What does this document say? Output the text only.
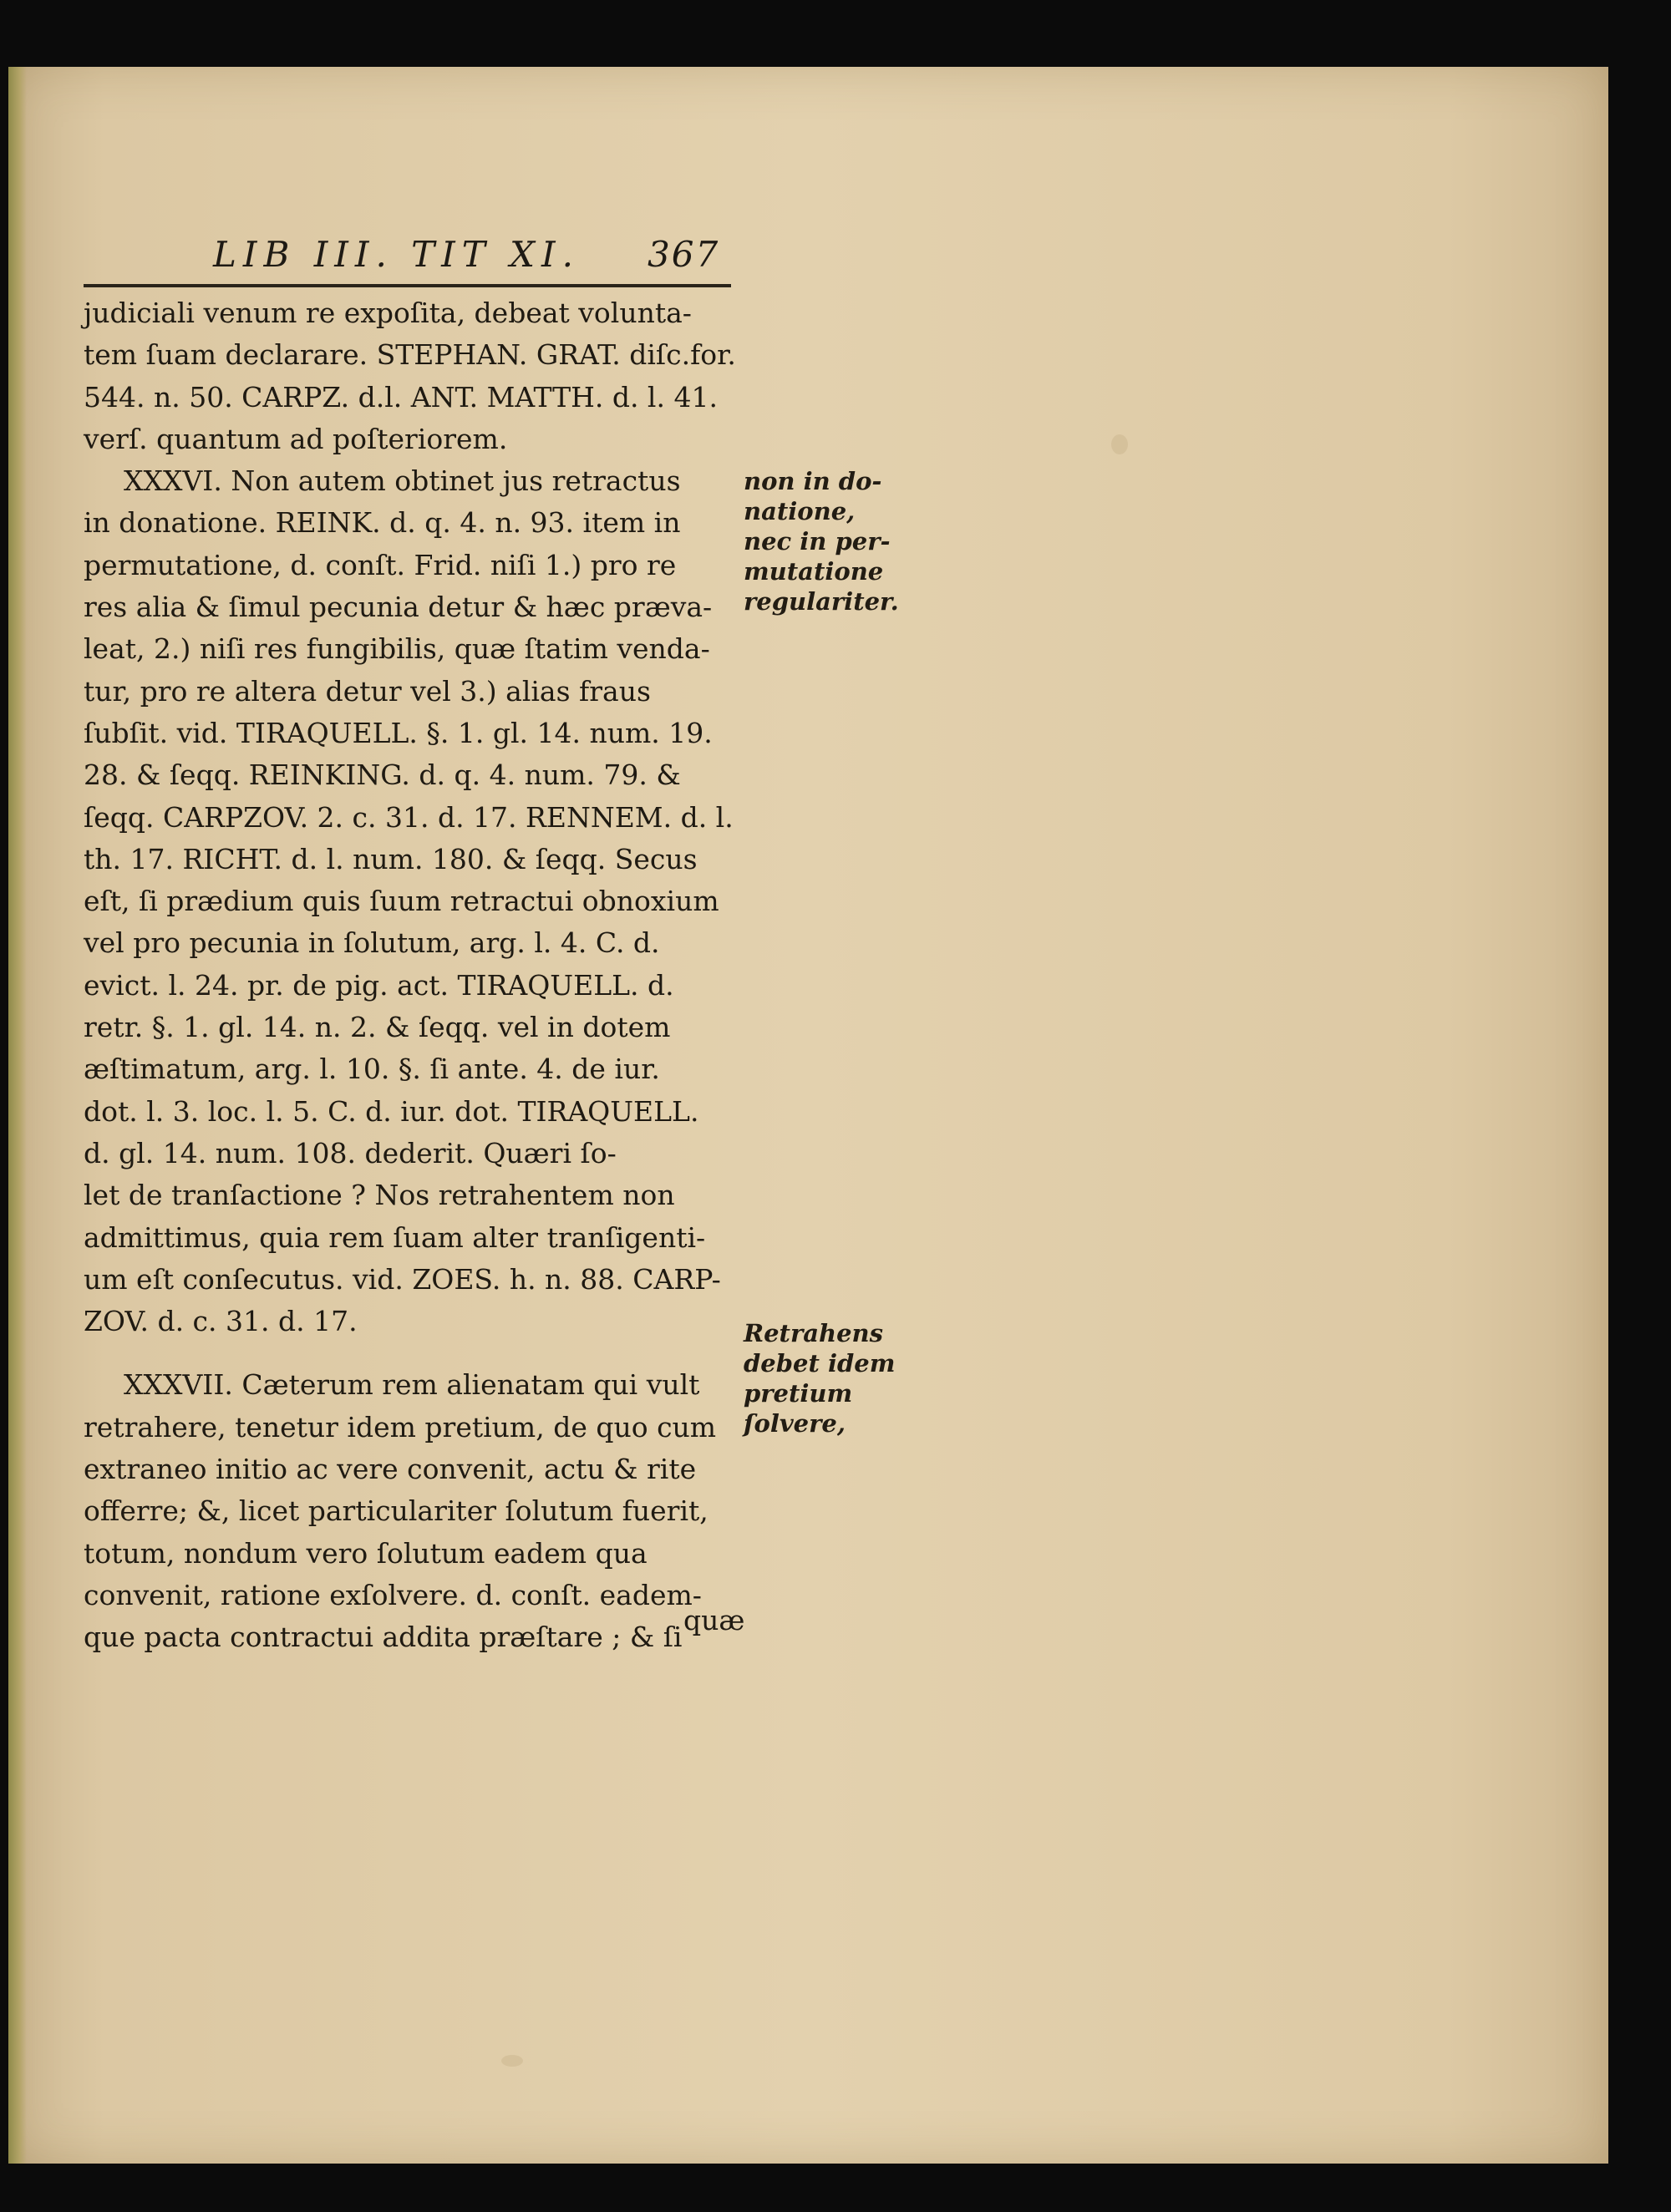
LIB III. TIT XI. 367
judiciali venum re expoſita, debeat volunta-
tem ſuam declarare. STEPHAN. GRAT. diſc.for.
544. n. 50. CARPZ. d.l. ANT. MATTH. d. l. 41.
verſ. quantum ad poſteriorem.
XXXVI. Non autem obtinet jus retractus
in donatione. REINK. d. q. 4. n. 93. item in
permutatione, d. conſt. Frid. niſi 1.) pro re
res alia & ſimul pecunia detur & hæc præva-
leat, 2.) niſi res fungibilis, quæ ſtatim venda-
tur, pro re altera detur vel 3.) alias fraus
ſubſit. vid. TIRAQUELL. §. 1. gl. 14. num. 19.
28. & ſeqq. REINKING. d. q. 4. num. 79. &
ſeqq. CARPZOV. 2. c. 31. d. 17. RENNEM. d. l.
th. 17. RICHT. d. l. num. 180. & ſeqq. Secus
eſt, ſi prædium quis ſuum retractui obnoxium
vel pro pecunia in ſolutum, arg. l. 4. C. d.
evict. l. 24. pr. de pig. act. TIRAQUELL. d.
retr. §. 1. gl. 14. n. 2. & ſeqq. vel in dotem
æſtimatum, arg. l. 10. §. ſi ante. 4. de iur.
dot. l. 3. loc. l. 5. C. d. iur. dot. TIRAQUELL.
d. gl. 14. num. 108. dederit. Quæri ſo-
let de tranſactione ? Nos retrahentem non
admittimus, quia rem ſuam alter tranſigenti-
um eſt conſecutus. vid. ZOES. h. n. 88. CARP-
ZOV. d. c. 31. d. 17.
XXXVII. Cæterum rem alienatam qui vult
retrahere, tenetur idem pretium, de quo cum
extraneo initio ac vere convenit, actu & rite
offerre; &, licet particulariter ſolutum fuerit,
totum, nondum vero ſolutum eadem qua
convenit, ratione exſolvere. d. conſt. eadem-
que pacta contractui addita præſtare ; & ſi
quæ
non in do-
natione,
nec in per-
mutatione
regulariter.
Retrahens
debet idem
pretium
ſolvere,
